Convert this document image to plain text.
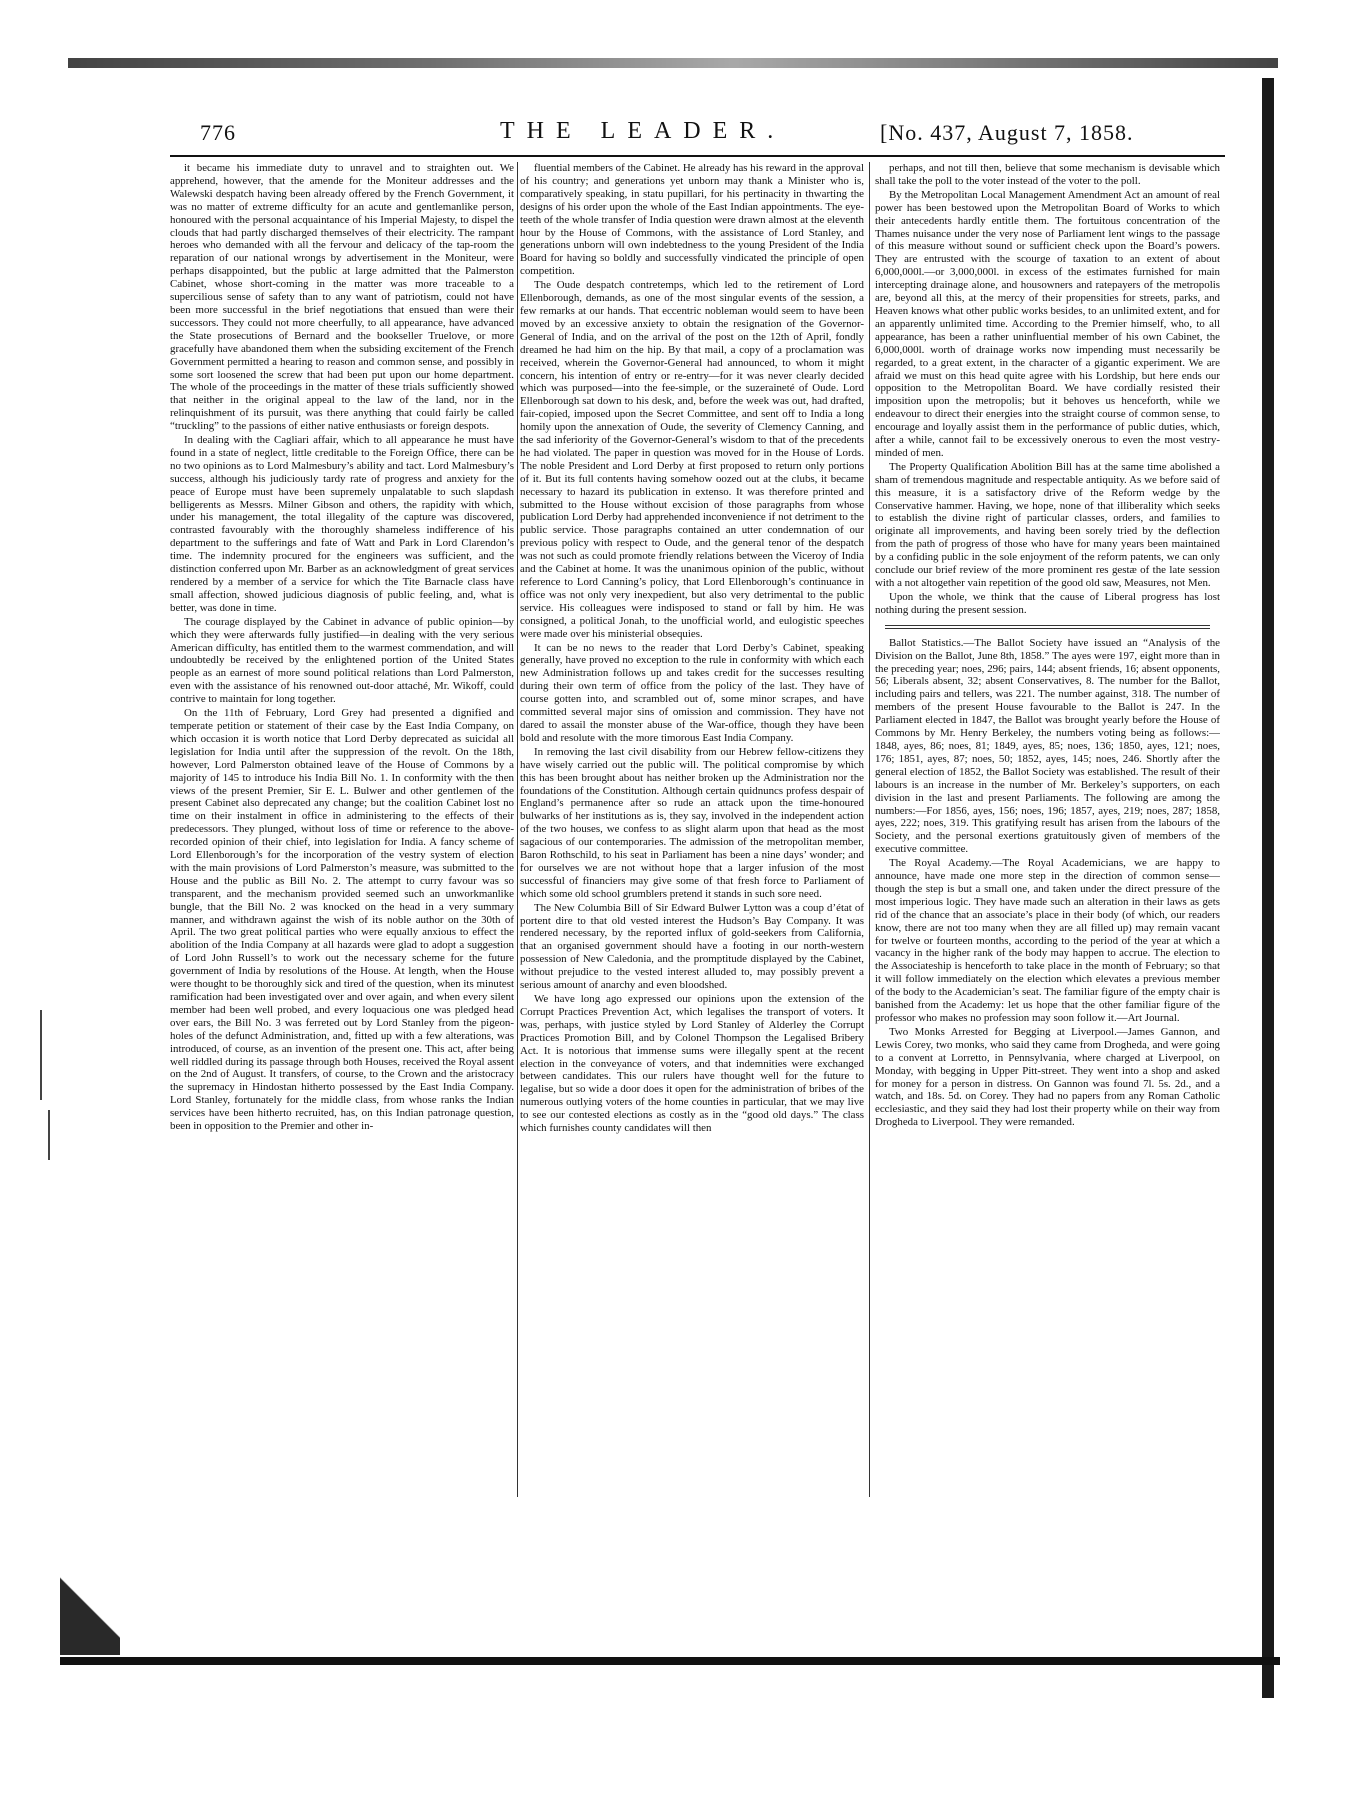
776	THE LEADER.	[No. 437, August 7, 1858.

it became his immediate duty to unravel and to straighten out. We apprehend, however, that the amende for the Moniteur addresses and the Walewski despatch having been already offered by the French Government, it was no matter of extreme difficulty for an acute and gentlemanlike person, honoured with the personal acquaintance of his Imperial Majesty, to dispel the clouds that had partly discharged themselves of their electricity. The rampant heroes who demanded with all the fervour and delicacy of the tap-room the reparation of our national wrongs by advertisement in the Moniteur, were perhaps disappointed, but the public at large admitted that the Palmerston Cabinet, whose short-coming in the matter was more traceable to a supercilious sense of safety than to any want of patriotism, could not have been more successful in the brief negotiations that ensued than were their successors. They could not more cheerfully, to all appearance, have advanced the State prosecutions of Bernard and the bookseller Truelove, or more gracefully have abandoned them when the subsiding excitement of the French Government permitted a hearing to reason and common sense, and possibly in some sort loosened the screw that had been put upon our home department. The whole of the proceedings in the matter of these trials sufficiently showed that neither in the original appeal to the law of the land, nor in the relinquishment of its pursuit, was there anything that could fairly be called “truckling” to the passions of either native enthusiasts or foreign despots.

In dealing with the Cagliari affair, which to all appearance he must have found in a state of neglect, little creditable to the Foreign Office, there can be no two opinions as to Lord Malmesbury’s ability and tact. Lord Malmesbury’s success, although his judiciously tardy rate of progress and anxiety for the peace of Europe must have been supremely unpalatable to such slapdash belligerents as Messrs. Milner Gibson and others, the rapidity with which, under his management, the total illegality of the capture was discovered, contrasted favourably with the thoroughly shameless indifference of his department to the sufferings and fate of Watt and Park in Lord Clarendon’s time. The indemnity procured for the engineers was sufficient, and the distinction conferred upon Mr. Barber as an acknowledgment of great services rendered by a member of a service for which the Tite Barnacle class have small affection, showed judicious diagnosis of public feeling, and, what is better, was done in time.

The courage displayed by the Cabinet in advance of public opinion—by which they were afterwards fully justified—in dealing with the very serious American difficulty, has entitled them to the warmest commendation, and will undoubtedly be received by the enlightened portion of the United States people as an earnest of more sound political relations than Lord Palmerston, even with the assistance of his renowned out-door attaché, Mr. Wikoff, could contrive to maintain for long together.

On the 11th of February, Lord Grey had presented a dignified and temperate petition or statement of their case by the East India Company, on which occasion it is worth notice that Lord Derby deprecated as suicidal all legislation for India until after the suppression of the revolt. On the 18th, however, Lord Palmerston obtained leave of the House of Commons by a majority of 145 to introduce his India Bill No. 1. In conformity with the then views of the present Premier, Sir E. L. Bulwer and other gentlemen of the present Cabinet also deprecated any change; but the coalition Cabinet lost no time on their instalment in office in administering to the effects of their predecessors. They plunged, without loss of time or reference to the above-recorded opinion of their chief, into legislation for India. A fancy scheme of Lord Ellenborough’s for the incorporation of the vestry system of election with the main provisions of Lord Palmerston’s measure, was submitted to the House and the public as Bill No. 2. The attempt to curry favour was so transparent, and the mechanism provided seemed such an unworkmanlike bungle, that the Bill No. 2 was knocked on the head in a very summary manner, and withdrawn against the wish of its noble author on the 30th of April. The two great political parties who were equally anxious to effect the abolition of the India Company at all hazards were glad to adopt a suggestion of Lord John Russell’s to work out the necessary scheme for the future government of India by resolutions of the House. At length, when the House were thought to be thoroughly sick and tired of the question, when its minutest ramification had been investigated over and over again, and when every silent member had been well probed, and every loquacious one was pledged head over ears, the Bill No. 3 was ferreted out by Lord Stanley from the pigeon-holes of the defunct Administration, and, fitted up with a few alterations, was introduced, of course, as an invention of the present one. This act, after being well riddled during its passage through both Houses, received the Royal assent on the 2nd of August. It transfers, of course, to the Crown and the aristocracy the supremacy in Hindostan hitherto possessed by the East India Company. Lord Stanley, fortunately for the middle class, from whose ranks the Indian services have been hitherto recruited, has, on this Indian patronage question, been in opposition to the Premier and other in-

fluential members of the Cabinet. He already has his reward in the approval of his country; and generations yet unborn may thank a Minister who is, comparatively speaking, in statu pupillari, for his pertinacity in thwarting the designs of his order upon the whole of the East Indian appointments. The eye-teeth of the whole transfer of India question were drawn almost at the eleventh hour by the House of Commons, with the assistance of Lord Stanley, and generations unborn will own indebtedness to the young President of the India Board for having so boldly and successfully vindicated the principle of open competition.

The Oude despatch contretemps, which led to the retirement of Lord Ellenborough, demands, as one of the most singular events of the session, a few remarks at our hands. That eccentric nobleman would seem to have been moved by an excessive anxiety to obtain the resignation of the Governor-General of India, and on the arrival of the post on the 12th of April, fondly dreamed he had him on the hip. By that mail, a copy of a proclamation was received, wherein the Governor-General had announced, to whom it might concern, his intention of entry or re-entry—for it was never clearly decided which was purposed—into the fee-simple, or the suzeraineté of Oude. Lord Ellenborough sat down to his desk, and, before the week was out, had drafted, fair-copied, imposed upon the Secret Committee, and sent off to India a long homily upon the annexation of Oude, the severity of Clemency Canning, and the sad inferiority of the Governor-General’s wisdom to that of the precedents he had violated. The paper in question was moved for in the House of Lords. The noble President and Lord Derby at first proposed to return only portions of it. But its full contents having somehow oozed out at the clubs, it became necessary to hazard its publication in extenso. It was therefore printed and submitted to the House without excision of those paragraphs from whose publication Lord Derby had apprehended inconvenience if not detriment to the public service. Those paragraphs contained an utter condemnation of our previous policy with respect to Oude, and the general tenor of the despatch was not such as could promote friendly relations between the Viceroy of India and the Cabinet at home. It was the unanimous opinion of the public, without reference to Lord Canning’s policy, that Lord Ellenborough’s continuance in office was not only very inexpedient, but also very detrimental to the public service. His colleagues were indisposed to stand or fall by him. He was consigned, a political Jonah, to the unofficial world, and eulogistic speeches were made over his ministerial obsequies.

It can be no news to the reader that Lord Derby’s Cabinet, speaking generally, have proved no exception to the rule in conformity with which each new Administration follows up and takes credit for the successes resulting during their own term of office from the policy of the last. They have of course gotten into, and scrambled out of, some minor scrapes, and have committed several major sins of omission and commission. They have not dared to assail the monster abuse of the War-office, though they have been bold and resolute with the more timorous East India Company.

In removing the last civil disability from our Hebrew fellow-citizens they have wisely carried out the public will. The political compromise by which this has been brought about has neither broken up the Administration nor the foundations of the Constitution. Although certain quidnuncs profess despair of England’s permanence after so rude an attack upon the time-honoured bulwarks of her institutions as is, they say, involved in the independent action of the two houses, we confess to as slight alarm upon that head as the most sagacious of our contemporaries. The admission of the metropolitan member, Baron Rothschild, to his seat in Parliament has been a nine days’ wonder; and for ourselves we are not without hope that a larger infusion of the most successful of financiers may give some of that fresh force to Parliament of which some old school grumblers pretend it stands in such sore need.

The New Columbia Bill of Sir Edward Bulwer Lytton was a coup d’état of portent dire to that old vested interest the Hudson’s Bay Company. It was rendered necessary, by the reported influx of gold-seekers from California, that an organised government should have a footing in our north-western possession of New Caledonia, and the promptitude displayed by the Cabinet, without prejudice to the vested interest alluded to, may possibly prevent a serious amount of anarchy and even bloodshed.

We have long ago expressed our opinions upon the extension of the Corrupt Practices Prevention Act, which legalises the transport of voters. It was, perhaps, with justice styled by Lord Stanley of Alderley the Corrupt Practices Promotion Bill, and by Colonel Thompson the Legalised Bribery Act. It is notorious that immense sums were illegally spent at the recent election in the conveyance of voters, and that indemnities were exchanged between candidates. This our rulers have thought well for the future to legalise, but so wide a door does it open for the administration of bribes of the numerous outlying voters of the home counties in particular, that we may live to see our contested elections as costly as in the “good old days.” The class which furnishes county candidates will then

perhaps, and not till then, believe that some mechanism is devisable which shall take the poll to the voter instead of the voter to the poll.

By the Metropolitan Local Management Amendment Act an amount of real power has been bestowed upon the Metropolitan Board of Works to which their antecedents hardly entitle them. The fortuitous concentration of the Thames nuisance under the very nose of Parliament lent wings to the passage of this measure without sound or sufficient check upon the Board’s powers. They are entrusted with the scourge of taxation to an extent of about 6,000,000l.—or 3,000,000l. in excess of the estimates furnished for main intercepting drainage alone, and housowners and ratepayers of the metropolis are, beyond all this, at the mercy of their propensities for streets, parks, and Heaven knows what other public works besides, to an unlimited extent, and for an apparently unlimited time. According to the Premier himself, who, to all appearance, has been a rather uninfluential member of his own Cabinet, the 6,000,000l. worth of drainage works now impending must necessarily be regarded, to a great extent, in the character of a gigantic experiment. We are afraid we must on this head quite agree with his Lordship, but here ends our opposition to the Metropolitan Board. We have cordially resisted their imposition upon the metropolis; but it behoves us henceforth, while we endeavour to direct their energies into the straight course of common sense, to encourage and loyally assist them in the performance of public duties, which, after a while, cannot fail to be excessively onerous to even the most vestry-minded of men.

The Property Qualification Abolition Bill has at the same time abolished a sham of tremendous magnitude and respectable antiquity. As we before said of this measure, it is a satisfactory drive of the Reform wedge by the Conservative hammer. Having, we hope, none of that illiberality which seeks to establish the divine right of particular classes, orders, and families to originate all improvements, and having been sorely tried by the deflection from the path of progress of those who have for many years been maintained by a confiding public in the sole enjoyment of the reform patents, we can only conclude our brief review of the more prominent res gestæ of the late session with a not altogether vain repetition of the good old saw, Measures, not Men.

Upon the whole, we think that the cause of Liberal progress has lost nothing during the present session.

Ballot Statistics.—The Ballot Society have issued an “Analysis of the Division on the Ballot, June 8th, 1858.” The ayes were 197, eight more than in the preceding year; noes, 296; pairs, 144; absent friends, 16; absent opponents, 56; Liberals absent, 32; absent Conservatives, 8. The number for the Ballot, including pairs and tellers, was 221. The number against, 318. The number of members of the present House favourable to the Ballot is 247. In the Parliament elected in 1847, the Ballot was brought yearly before the House of Commons by Mr. Henry Berkeley, the numbers voting being as follows:—1848, ayes, 86; noes, 81; 1849, ayes, 85; noes, 136; 1850, ayes, 121; noes, 176; 1851, ayes, 87; noes, 50; 1852, ayes, 145; noes, 246. Shortly after the general election of 1852, the Ballot Society was established. The result of their labours is an increase in the number of Mr. Berkeley’s supporters, on each division in the last and present Parliaments. The following are among the numbers:—For 1856, ayes, 156; noes, 196; 1857, ayes, 219; noes, 287; 1858, ayes, 222; noes, 319. This gratifying result has arisen from the labours of the Society, and the personal exertions gratuitously given of members of the executive committee.

The Royal Academy.—The Royal Academicians, we are happy to announce, have made one more step in the direction of common sense—though the step is but a small one, and taken under the direct pressure of the most imperious logic. They have made such an alteration in their laws as gets rid of the chance that an associate’s place in their body (of which, our readers know, there are not too many when they are all filled up) may remain vacant for twelve or fourteen months, according to the period of the year at which a vacancy in the higher rank of the body may happen to accrue. The election to the Associateship is henceforth to take place in the month of February; so that it will follow immediately on the election which elevates a previous member of the body to the Academician’s seat. The familiar figure of the empty chair is banished from the Academy: let us hope that the other familiar figure of the professor who makes no profession may soon follow it.—Art Journal.

Two Monks Arrested for Begging at Liverpool.—James Gannon, and Lewis Corey, two monks, who said they came from Drogheda, and were going to a convent at Lorretto, in Pennsylvania, where charged at Liverpool, on Monday, with begging in Upper Pitt-street. They went into a shop and asked for money for a person in distress. On Gannon was found 7l. 5s. 2d., and a watch, and 18s. 5d. on Corey. They had no papers from any Roman Catholic ecclesiastic, and they said they had lost their property while on their way from Drogheda to Liverpool. They were remanded.
